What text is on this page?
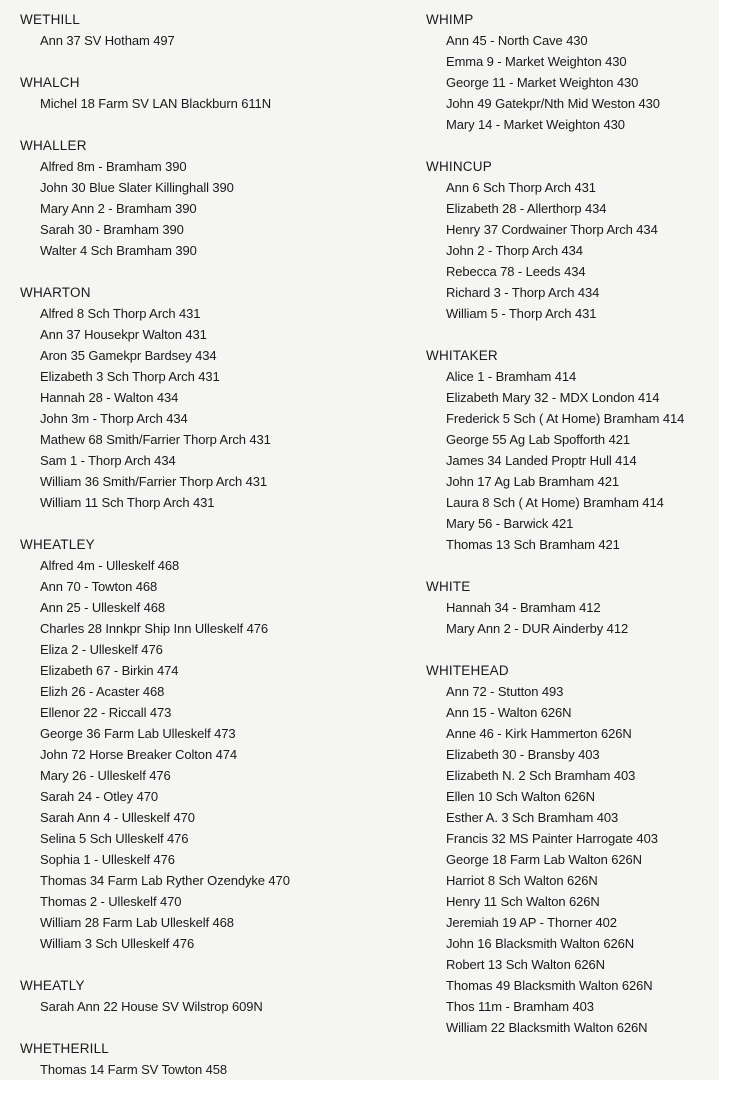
WETHILL
Ann 37 SV Hotham 497
WHALCH
Michel 18 Farm SV LAN Blackburn 611N
WHALLER
Alfred 8m - Bramham 390
John 30 Blue Slater Killinghall 390
Mary Ann 2 - Bramham 390
Sarah 30 - Bramham 390
Walter 4 Sch Bramham 390
WHARTON
Alfred 8 Sch Thorp Arch 431
Ann 37 Housekpr Walton 431
Aron 35 Gamekpr Bardsey 434
Elizabeth 3 Sch Thorp Arch 431
Hannah 28 - Walton 434
John 3m - Thorp Arch 434
Mathew 68 Smith/Farrier Thorp Arch 431
Sam 1 - Thorp Arch 434
William 36 Smith/Farrier Thorp Arch 431
William 11 Sch Thorp Arch 431
WHEATLEY
Alfred 4m - Ulleskelf 468
Ann 70 - Towton 468
Ann 25 - Ulleskelf 468
Charles 28 Innkpr Ship Inn Ulleskelf 476
Eliza 2 - Ulleskelf 476
Elizabeth 67 - Birkin 474
Elizh 26 - Acaster 468
Ellenor 22 - Riccall 473
George 36 Farm Lab Ulleskelf 473
John 72 Horse Breaker Colton 474
Mary 26 - Ulleskelf 476
Sarah 24 - Otley 470
Sarah Ann 4 - Ulleskelf 470
Selina 5 Sch Ulleskelf 476
Sophia 1 - Ulleskelf 476
Thomas 34 Farm Lab Ryther Ozendyke 470
Thomas 2 - Ulleskelf 470
William 28 Farm Lab Ulleskelf 468
William 3 Sch Ulleskelf 476
WHEATLY
Sarah Ann 22 House SV Wilstrop 609N
WHETHERILL
Thomas 14 Farm SV Towton 458
WHIMP
Ann 45 - North Cave 430
Emma 9 - Market Weighton 430
George 11 - Market Weighton 430
John 49 Gatekpr/Nth Mid Weston 430
Mary 14 - Market Weighton 430
WHINCUP
Ann 6 Sch Thorp Arch 431
Elizabeth 28 - Allerthorp 434
Henry 37 Cordwainer Thorp Arch 434
John 2 - Thorp Arch 434
Rebecca 78 - Leeds 434
Richard 3 - Thorp Arch 434
William 5 - Thorp Arch 431
WHITAKER
Alice 1 - Bramham 414
Elizabeth Mary 32 - MDX London 414
Frederick 5 Sch ( At Home) Bramham 414
George 55 Ag Lab Spofforth 421
James 34 Landed Proptr Hull 414
John 17 Ag Lab Bramham 421
Laura 8 Sch ( At Home) Bramham 414
Mary 56 - Barwick 421
Thomas 13 Sch Bramham 421
WHITE
Hannah 34 - Bramham 412
Mary Ann 2 - DUR Ainderby 412
WHITEHEAD
Ann 72 - Stutton 493
Ann 15 - Walton 626N
Anne 46 - Kirk Hammerton 626N
Elizabeth 30 - Bransby 403
Elizabeth N. 2 Sch Bramham 403
Ellen 10 Sch Walton 626N
Esther A. 3 Sch Bramham 403
Francis 32 MS Painter Harrogate 403
George 18 Farm Lab Walton 626N
Harriot 8 Sch Walton 626N
Henry 11 Sch Walton 626N
Jeremiah 19 AP - Thorner 402
John 16 Blacksmith Walton 626N
Robert 13 Sch Walton 626N
Thomas 49 Blacksmith Walton 626N
Thos 11m - Bramham 403
William 22 Blacksmith Walton 626N
